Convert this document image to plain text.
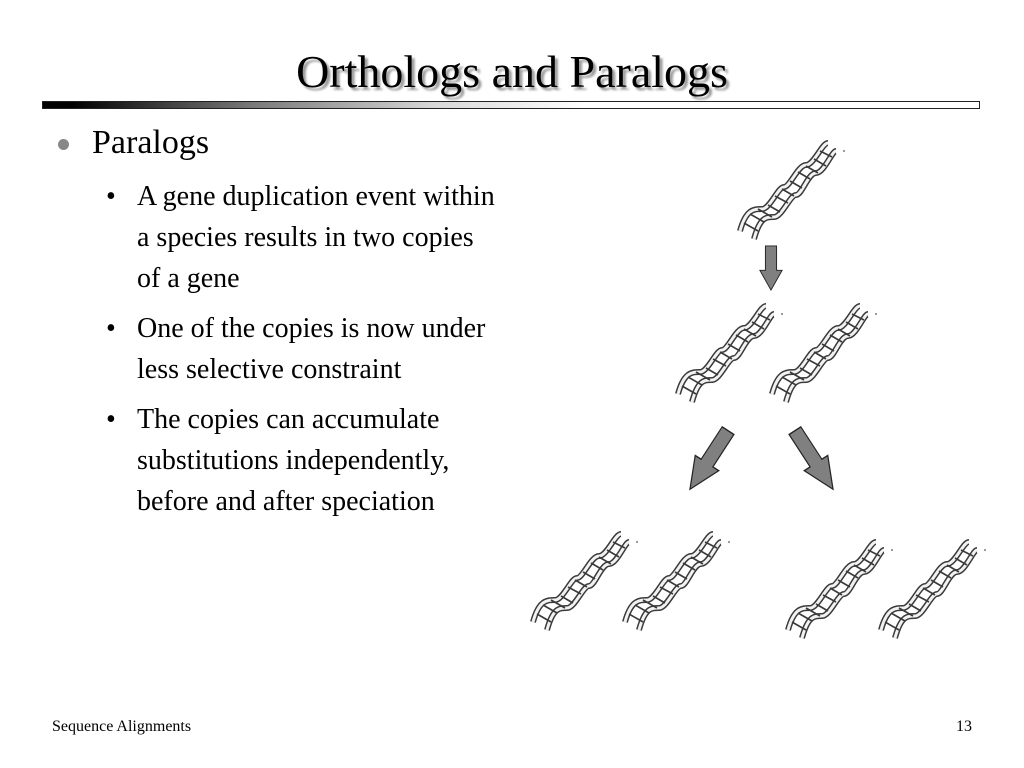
Orthologs and Paralogs
Paralogs
• A gene duplication event within a species results in two copies of a gene
• One of the copies is now under less selective constraint
• The copies can accumulate substitutions independently, before and after speciation
Sequence Alignments	13
